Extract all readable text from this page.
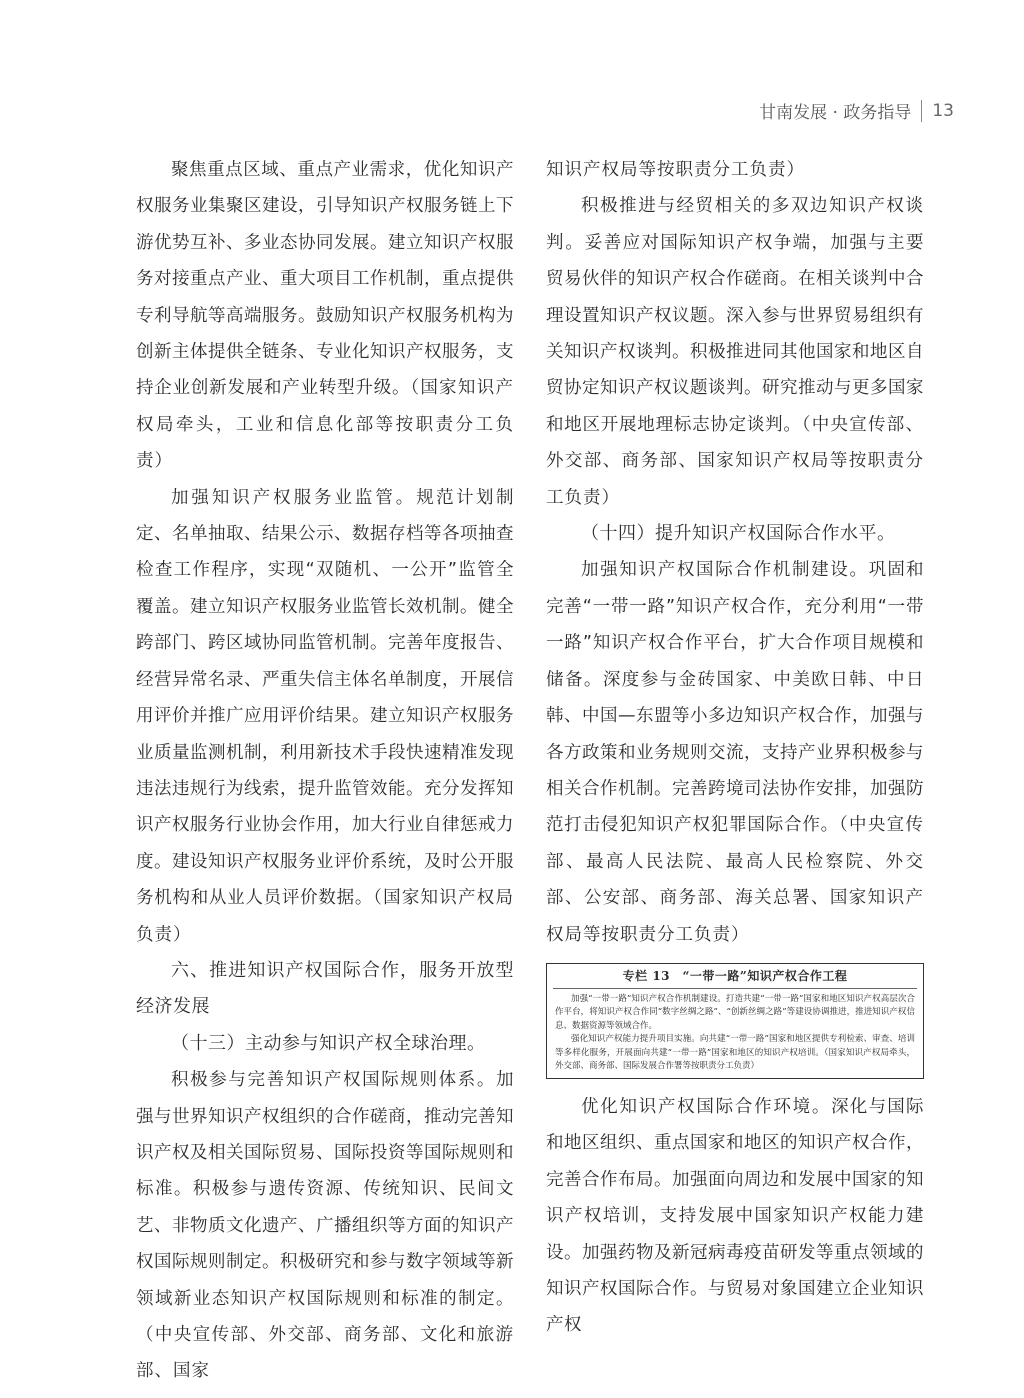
甘南发展 · 政务指导 13

聚焦重点区域、重点产业需求，优化知识产权服务业集聚区建设，引导知识产权服务链上下游优势互补、多业态协同发展。建立知识产权服务对接重点产业、重大项目工作机制，重点提供专利导航等高端服务。鼓励知识产权服务机构为创新主体提供全链条、专业化知识产权服务，支持企业创新发展和产业转型升级。（国家知识产权局牵头，工业和信息化部等按职责分工负责）

加强知识产权服务业监管。规范计划制定、名单抽取、结果公示、数据存档等各项抽查检查工作程序，实现“双随机、一公开”监管全覆盖。建立知识产权服务业监管长效机制。健全跨部门、跨区域协同监管机制。完善年度报告、经营异常名录、严重失信主体名单制度，开展信用评价并推广应用评价结果。建立知识产权服务业质量监测机制，利用新技术手段快速精准发现违法违规行为线索，提升监管效能。充分发挥知识产权服务行业协会作用，加大行业自律惩戒力度。建设知识产权服务业评价系统，及时公开服务机构和从业人员评价数据。（国家知识产权局负责）

六、推进知识产权国际合作，服务开放型经济发展

（十三）主动参与知识产权全球治理。

积极参与完善知识产权国际规则体系。加强与世界知识产权组织的合作磋商，推动完善知识产权及相关国际贸易、国际投资等国际规则和标准。积极参与遗传资源、传统知识、民间文艺、非物质文化遗产、广播组织等方面的知识产权国际规则制定。积极研究和参与数字领域等新领域新业态知识产权国际规则和标准的制定。（中央宣传部、外交部、商务部、文化和旅游部、国家

知识产权局等按职责分工负责）

积极推进与经贸相关的多双边知识产权谈判。妥善应对国际知识产权争端，加强与主要贸易伙伴的知识产权合作磋商。在相关谈判中合理设置知识产权议题。深入参与世界贸易组织有关知识产权谈判。积极推进同其他国家和地区自贸协定知识产权议题谈判。研究推动与更多国家和地区开展地理标志协定谈判。（中央宣传部、外交部、商务部、国家知识产权局等按职责分工负责）

（十四）提升知识产权国际合作水平。

加强知识产权国际合作机制建设。巩固和完善“一带一路”知识产权合作，充分利用“一带一路”知识产权合作平台，扩大合作项目规模和储备。深度参与金砖国家、中美欧日韩、中日韩、中国—东盟等小多边知识产权合作，加强与各方政策和业务规则交流，支持产业界积极参与相关合作机制。完善跨境司法协作安排，加强防范打击侵犯知识产权犯罪国际合作。（中央宣传部、最高人民法院、最高人民检察院、外交部、公安部、商务部、海关总署、国家知识产权局等按职责分工负责）

专栏 13　“一带一路”知识产权合作工程

加强“一带一路”知识产权合作机制建设。打造共建“一带一路”国家和地区知识产权高层次合作平台，将知识产权合作同“数字丝绸之路”、“创新丝绸之路”等建设协调推进，推进知识产权信息、数据资源等领域合作。

强化知识产权能力提升项目实施。向共建“一带一路”国家和地区提供专利检索、审查、培训等多样化服务，开展面向共建“一带一路”国家和地区的知识产权培训。（国家知识产权局牵头，外交部、商务部、国际发展合作署等按职责分工负责）

优化知识产权国际合作环境。深化与国际和地区组织、重点国家和地区的知识产权合作，完善合作布局。加强面向周边和发展中国家的知识产权培训，支持发展中国家知识产权能力建设。加强药物及新冠病毒疫苗研发等重点领域的知识产权国际合作。与贸易对象国建立企业知识产权
